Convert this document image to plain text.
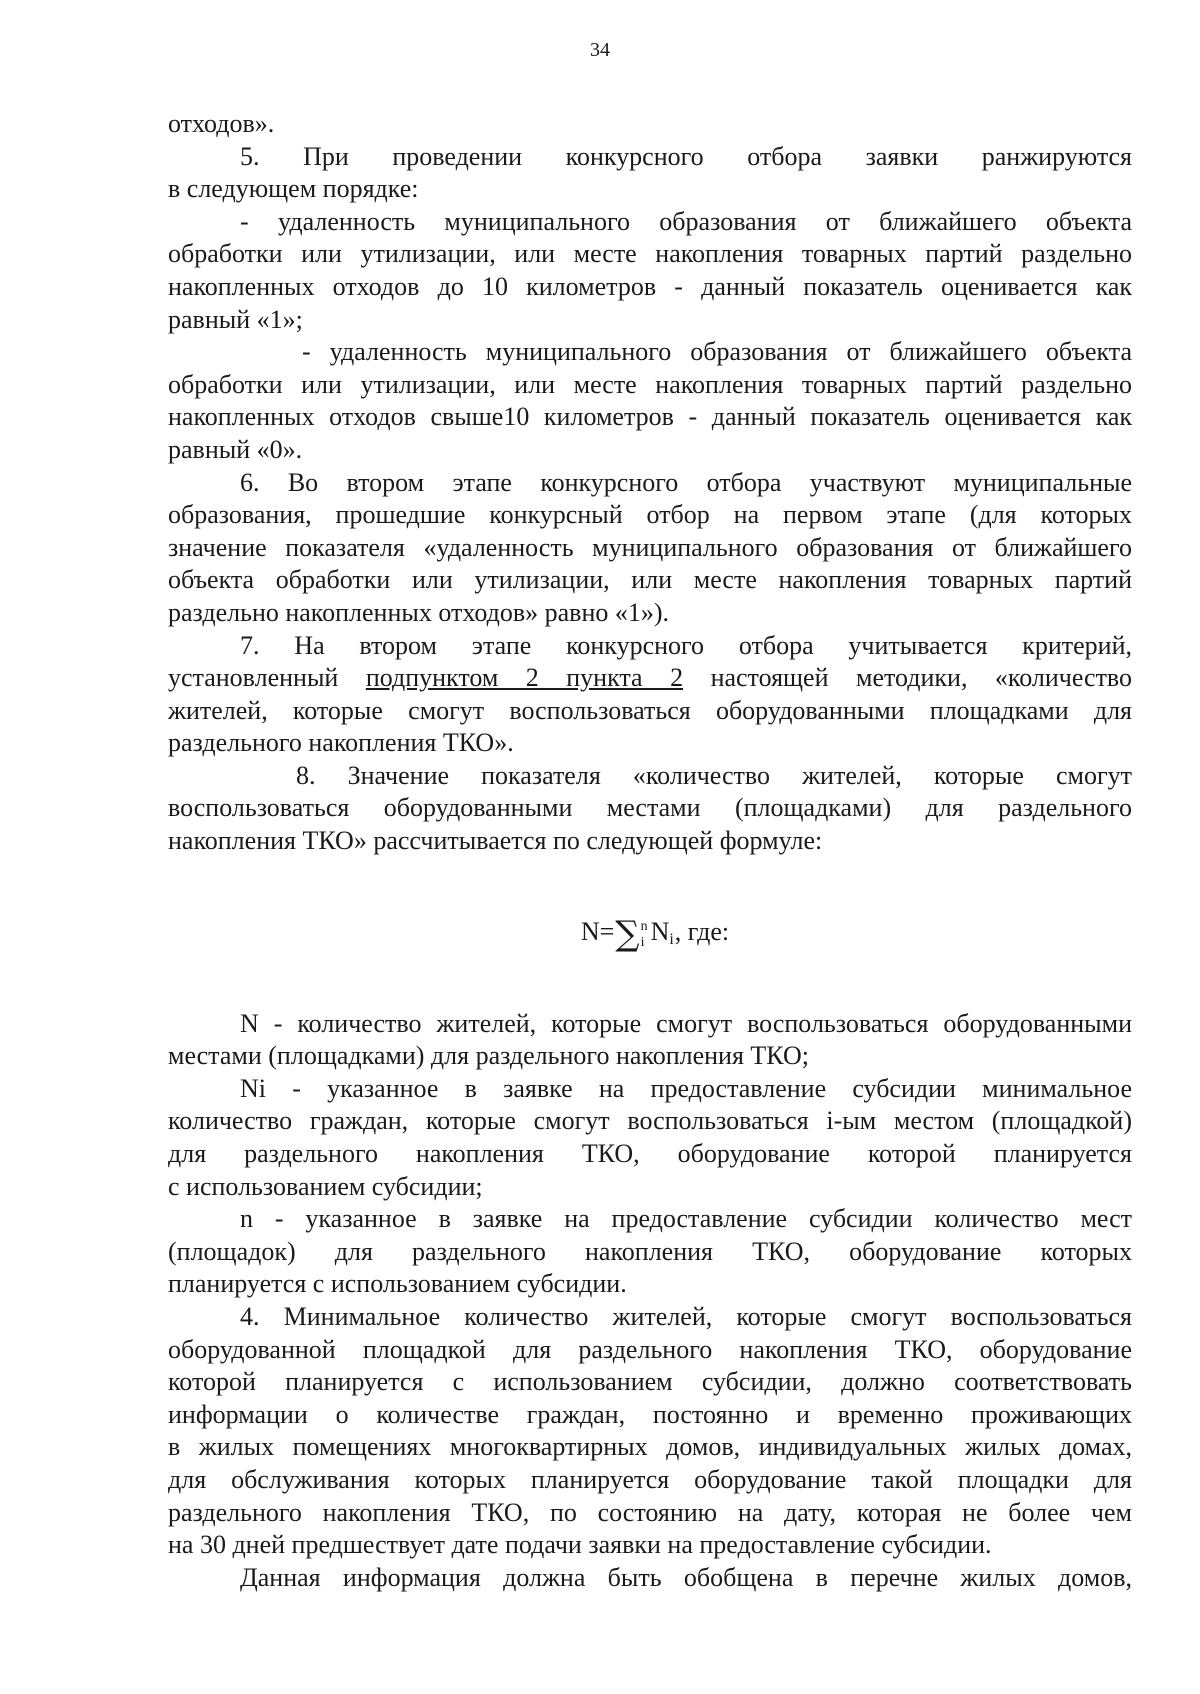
34

отходов».

5. При проведении конкурсного отбора заявки ранжируются

в следующем порядке:

- удаленность муниципального образования от ближайшего объекта

обработки или утилизации, или месте накопления товарных партий раздельно

накопленных отходов до 10 километров - данный показатель оценивается как

равный «1»;

- удаленность муниципального образования от ближайшего объекта

обработки или утилизации, или месте накопления товарных партий раздельно

накопленных отходов свыше10 километров - данный показатель оценивается как

равный «0».

6. Во втором этапе конкурсного отбора участвуют муниципальные

образования, прошедшие конкурсный отбор на первом этапе (для которых

значение показателя «удаленность муниципального образования от ближайшего

объекта обработки или утилизации, или месте накопления товарных партий

раздельно накопленных отходов» равно «1»).

7. На втором этапе конкурсного отбора учитывается критерий,

установленный подпунктом 2 пункта 2 настоящей методики, «количество

жителей, которые смогут воспользоваться оборудованными площадками для

раздельного накопления ТКО».

8. Значение показателя «количество жителей, которые смогут

воспользоваться оборудованными местами (площадками) для раздельного

накопления ТКО» рассчитывается по следующей формуле:

N= ∑ n
i N i , где:

N - количество жителей, которые смогут воспользоваться оборудованными

местами (площадками) для раздельного накопления ТКО;

Ni - указанное в заявке на предоставление субсидии минимальное

количество граждан, которые смогут воспользоваться i-ым местом (площадкой)

для раздельного накопления ТКО, оборудование которой планируется

с использованием субсидии;

n - указанное в заявке на предоставление субсидии количество мест

(площадок) для раздельного накопления ТКО, оборудование которых

планируется с использованием субсидии.

4. Минимальное количество жителей, которые смогут воспользоваться

оборудованной площадкой для раздельного накопления ТКО, оборудование

которой планируется с использованием субсидии, должно соответствовать

информации о количестве граждан, постоянно и временно проживающих

в жилых помещениях многоквартирных домов, индивидуальных жилых домах,

для обслуживания которых планируется оборудование такой площадки для

раздельного накопления ТКО, по состоянию на дату, которая не более чем

на 30 дней предшествует дате подачи заявки на предоставление субсидии.

Данная информация должна быть обобщена в перечне жилых домов,
